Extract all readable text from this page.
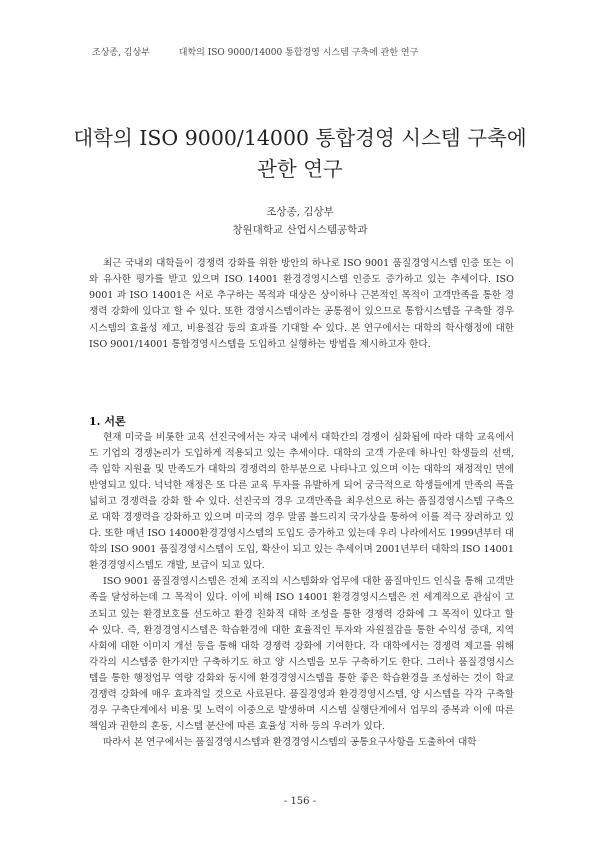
조상종, 김상부	대학의 ISO 9000/14000 통합경영 시스템 구축에 관한 연구
대학의 ISO 9000/14000 통합경영 시스템 구축에
관한 연구
조상종, 김상부
창원대학교 산업시스템공학과

최근 국내외 대학들이 경쟁력 강화를 위한 방안의 하나로 ISO 9001 품질경영시스템 인증 또는 이와 유사한 평가를 받고 있으며 ISO 14001 환경경영시스템 인증도 증가하고 있는 추세이다. ISO 9001 과 ISO 14001은 서로 추구하는 목적과 대상은 상이하나 근본적인 목적이 고객만족을 통한 경쟁력 강화에 있다고 할 수 있다. 또한 경영시스템이라는 공통점이 있으므로 통합시스템을 구축할 경우 시스템의 효율성 제고, 비용절감 등의 효과를 기대할 수 있다. 본 연구에서는 대학의 학사행정에 대한 ISO 9001/14001 통합경영시스템을 도입하고 실행하는 방법을 제시하고자 한다.

1. 서론

현재 미국을 비롯한 교육 선진국에서는 자국 내에서 대학간의 경쟁이 심화됨에 따라 대학 교육에서도 기업의 경쟁논리가 도입하게 적용되고 있는 추세이다. 대학의 고객 가운데 하나인 학생들의 선택, 즉 입학 지원율 및 만족도가 대학의 경쟁력의 한부분으로 나타나고 있으며 이는 대학의 재정적인 면에 반영되고 있다. 넉넉한 재정은 또 다른 교육 투자를 유발하게 되어 궁극적으로 학생들에게 만족의 폭을 넓히고 경쟁력을 강화 할 수 있다. 선진국의 경우 고객만족을 최우선으로 하는 품질경영시스템 구축으로 대학 경쟁력을 강화하고 있으며 미국의 경우 말콤 볼드리지 국가상을 통하여 이를 적극 장려하고 있다. 또한 매년 ISO 14000환경경영시스템의 도입도 증가하고 있는데 우리 나라에서도 1999년부터 대학의 ISO 9001 품질경영시스템이 도입, 확산이 되고 있는 추세이며 2001년부터 대학의 ISO 14001 환경경영시스템도 개발, 보급이 되고 있다.

ISO 9001 품질경영시스템은 전체 조직의 시스템화와 업무에 대한 품질마인드 인식을 통해 고객만족을 달성하는데 그 목적이 있다. 이에 비해 ISO 14001 환경경영시스템은 전 세계적으로 관심이 고조되고 있는 환경보호를 선도하고 환경 친화적 대학 조성을 통한 경쟁력 강화에 그 목적이 있다고 할 수 있다. 즉, 환경경영시스템은 학습환경에 대한 효율적인 투자와 자원절감을 통한 수익성 증대, 지역사회에 대한 이미지 개선 등을 통해 대학 경쟁력 강화에 기여한다. 각 대학에서는 경쟁력 제고를 위해 각각의 시스템중 한가지만 구축하기도 하고 양 시스템을 모두 구축하기도 한다. 그러나 품질경영시스템을 통한 행정업무 역량 강화와 동시에 환경경영시스템을 통한 좋은 학습환경을 조성하는 것이 학교 경쟁력 강화에 매우 효과적일 것으로 사료된다. 품질경영과 환경경영시스템, 양 시스템을 각각 구축할 경우 구축단계에서 비용 및 노력이 이중으로 발생하며 시스템 실행단계에서 업무의 중복과 이에 따른 책임과 권한의 혼동, 시스템 분산에 따른 효율성 저하 등의 우려가 있다.

따라서 본 연구에서는 품질경영시스템과 환경경영시스템의 공통요구사항을 도출하여 대학

- 156 -
